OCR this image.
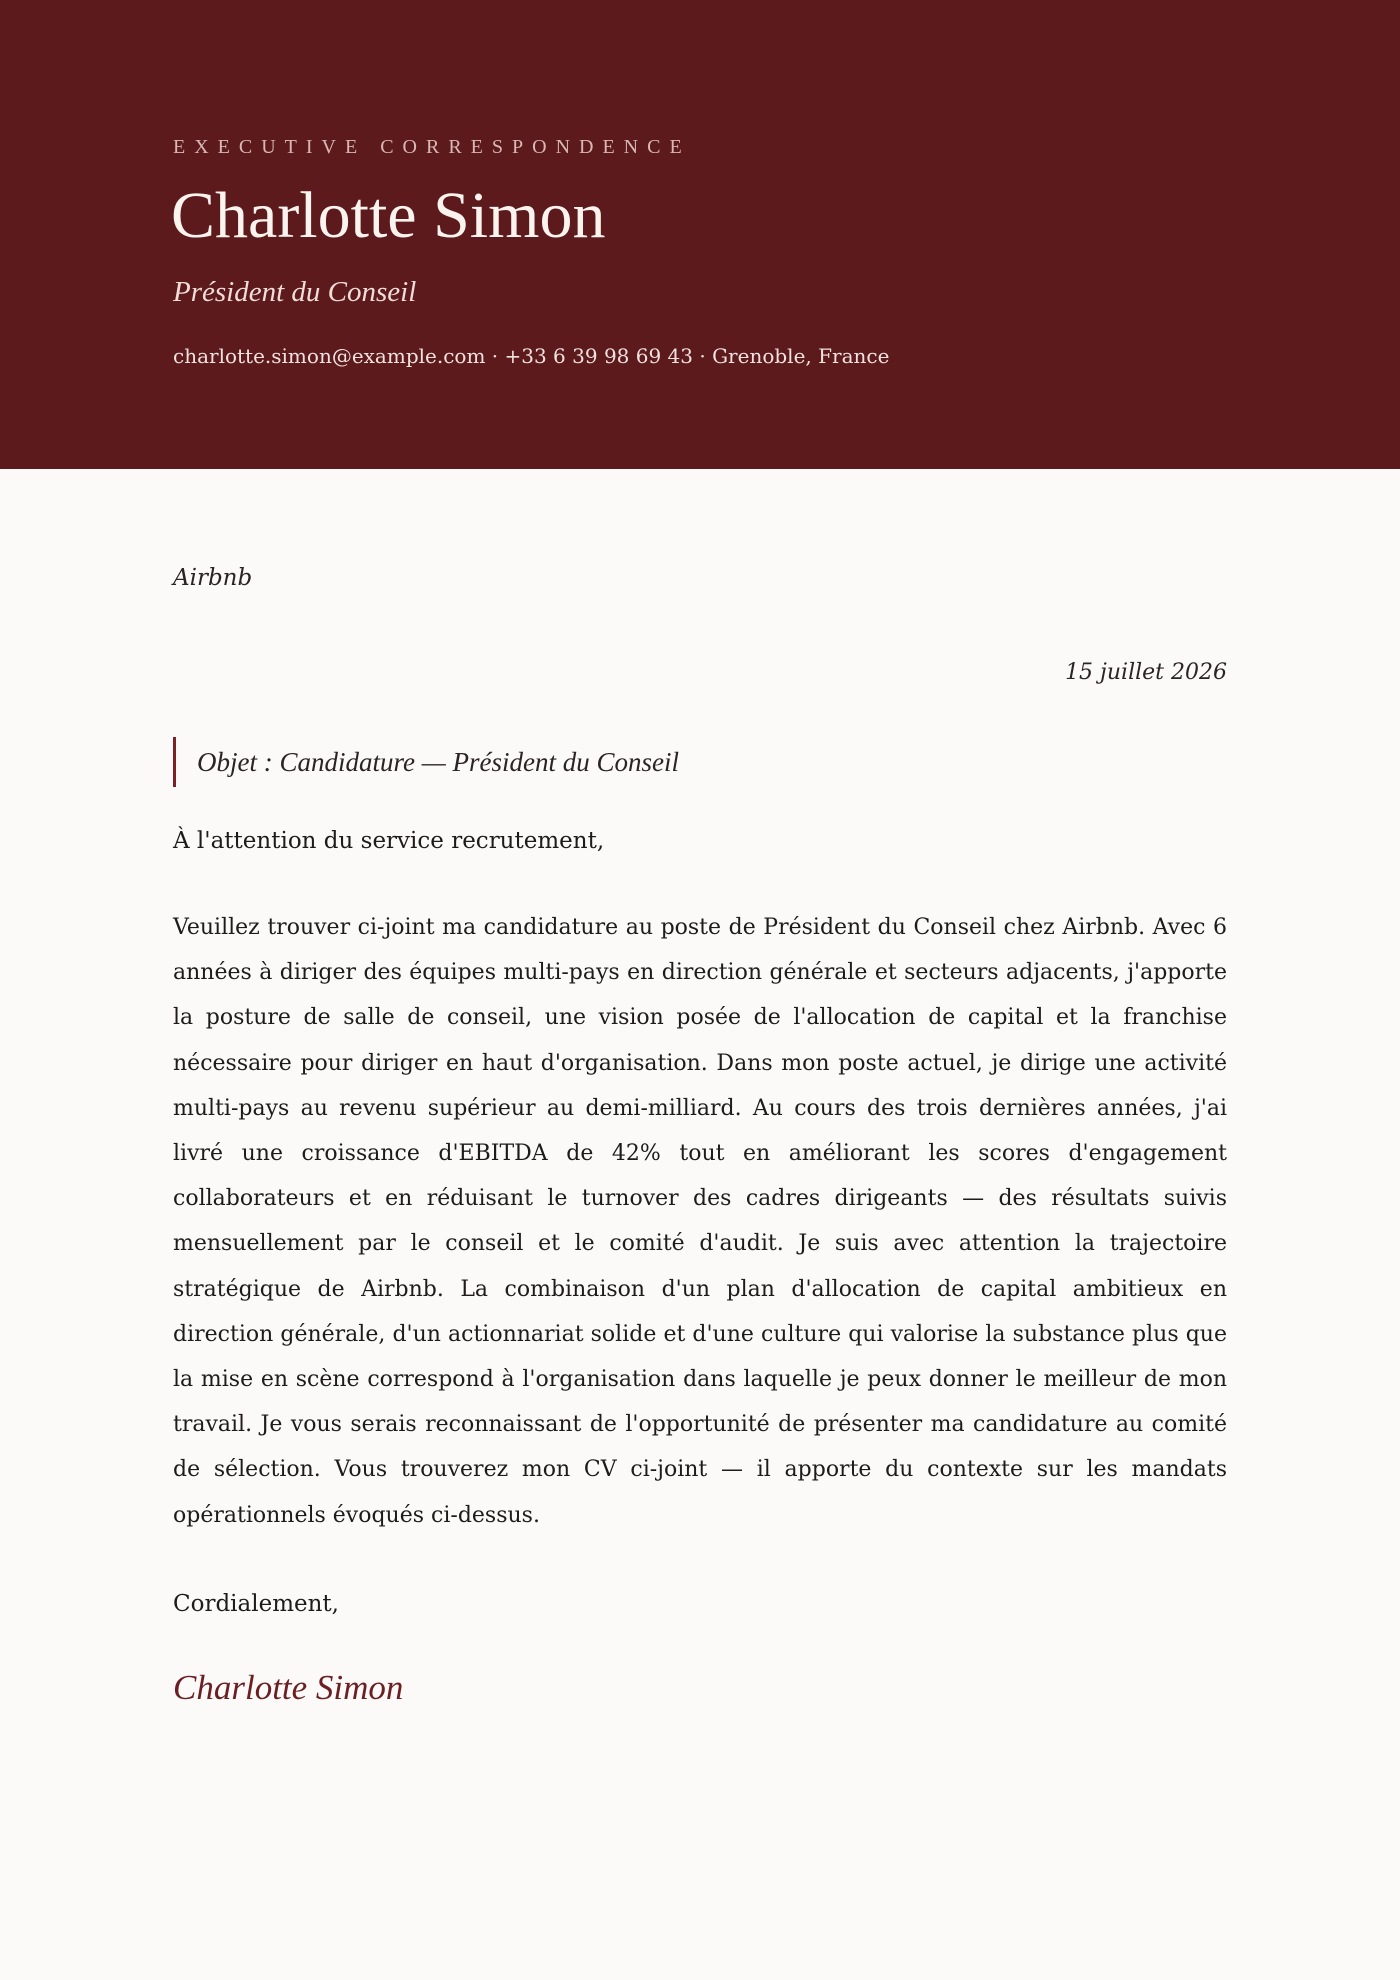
EXECUTIVE CORRESPONDENCE
Charlotte Simon
Président du Conseil
charlotte.simon@example.com · +33 6 39 98 69 43 · Grenoble, France
Airbnb
15 juillet 2026
Objet : Candidature — Président du Conseil
À l'attention du service recrutement,

Veuillez trouver ci-joint ma candidature au poste de Président du Conseil chez Airbnb. Avec 6 années à diriger des équipes multi-pays en direction générale et secteurs adjacents, j'apporte la posture de salle de conseil, une vision posée de l'allocation de capital et la franchise nécessaire pour diriger en haut d'organisation. Dans mon poste actuel, je dirige une activité multi-pays au revenu supérieur au demi-milliard. Au cours des trois dernières années, j'ai livré une croissance d'EBITDA de 42% tout en améliorant les scores d'engagement collaborateurs et en réduisant le turnover des cadres dirigeants — des résultats suivis mensuellement par le conseil et le comité d'audit. Je suis avec attention la trajectoire stratégique de Airbnb. La combinaison d'un plan d'allocation de capital ambitieux en direction générale, d'un actionnariat solide et d'une culture qui valorise la substance plus que la mise en scène correspond à l'organisation dans laquelle je peux donner le meilleur de mon travail. Je vous serais reconnaissant de l'opportunité de présenter ma candidature au comité de sélection. Vous trouverez mon CV ci-joint — il apporte du contexte sur les mandats opérationnels évoqués ci-dessus.

Cordialement,
Charlotte Simon
